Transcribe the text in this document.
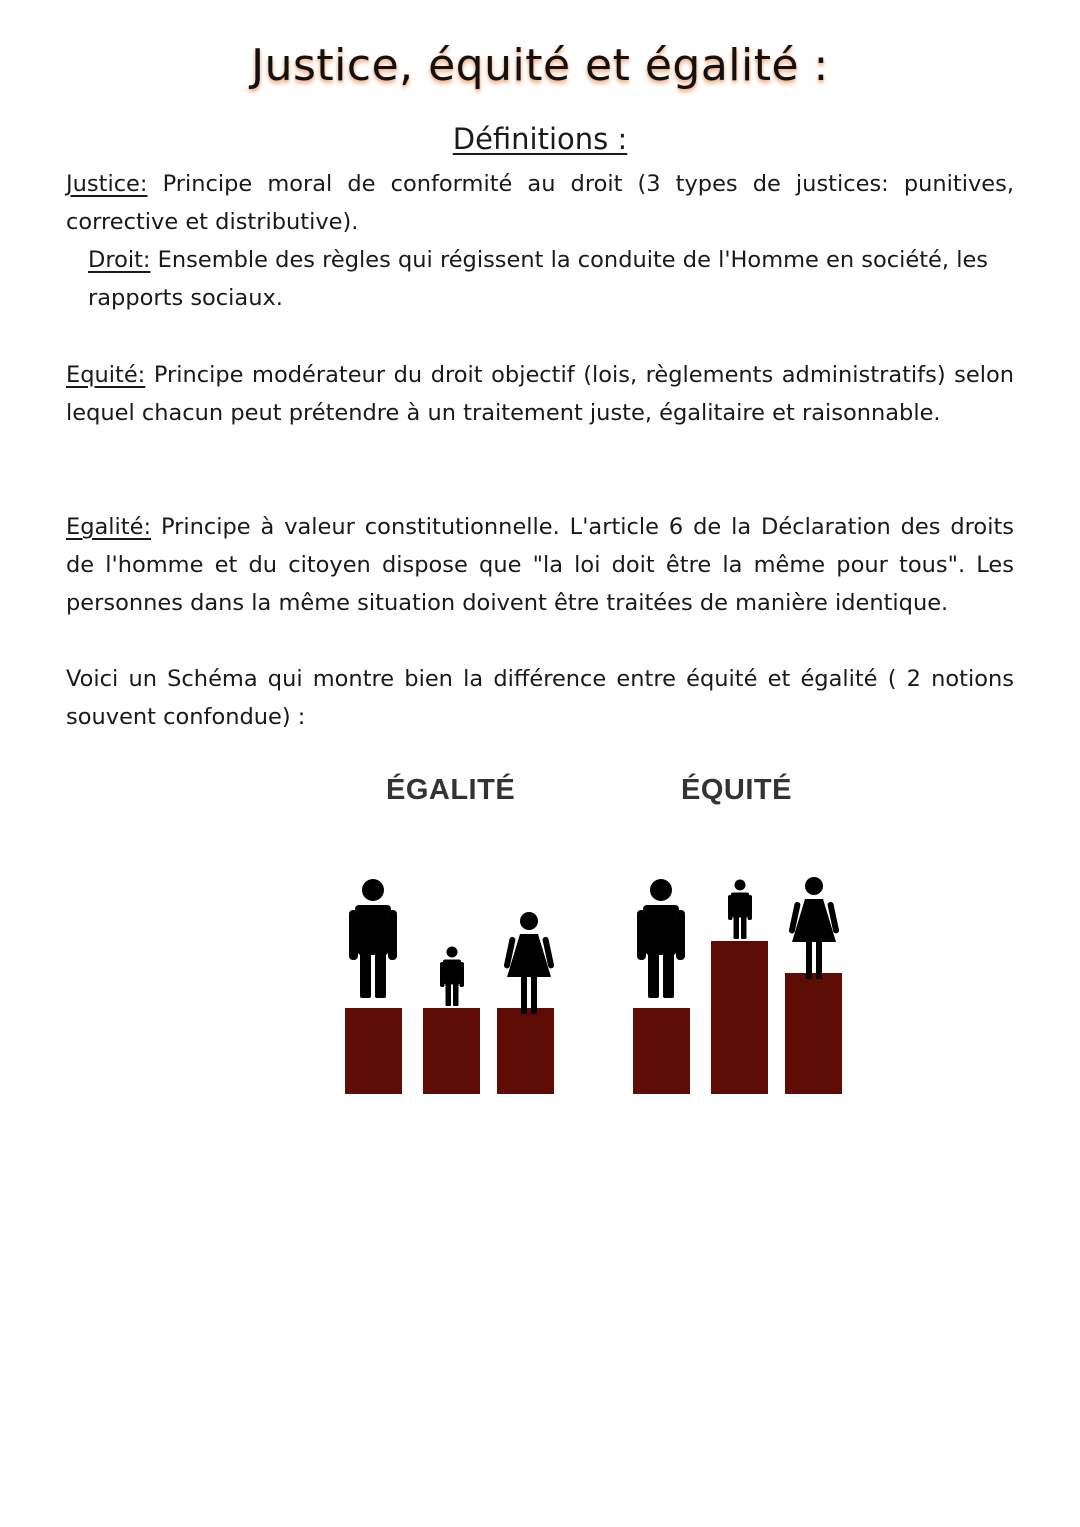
Justice, équité et égalité :
Définitions :
Justice: Principe moral de conformité au droit (3 types de justices: punitives, corrective et distributive).
Droit: Ensemble des règles qui régissent la conduite de l'Homme en société, les rapports sociaux.
Equité: Principe modérateur du droit objectif (lois, règlements administratifs) selon lequel chacun peut prétendre à un traitement juste, égalitaire et raisonnable.
Egalité: Principe à valeur constitutionnelle. L'article 6 de la Déclaration des droits de l'homme et du citoyen dispose que "la loi doit être la même pour tous". Les personnes dans la même situation doivent être traitées de manière identique.
Voici un Schéma qui montre bien la différence entre équité et égalité ( 2 notions souvent confondue) :
ÉGALITÉ	ÉQUITÉ
